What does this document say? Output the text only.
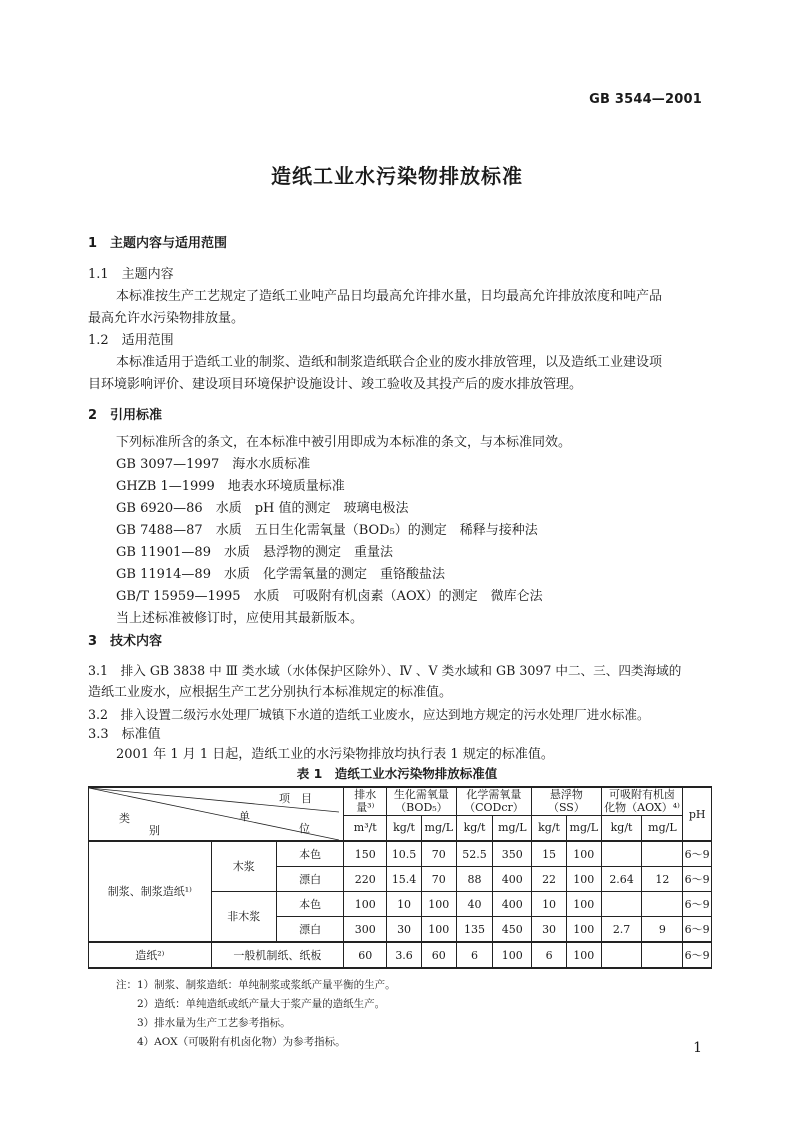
GB 3544—2001
造纸工业水污染物排放标准
1　主题内容与适用范围
1.1　主题内容
本标准按生产工艺规定了造纸工业吨产品日均最高允许排水量，日均最高允许排放浓度和吨产品
最高允许水污染物排放量。
1.2　适用范围
本标准适用于造纸工业的制浆、造纸和制浆造纸联合企业的废水排放管理，以及造纸工业建设项
目环境影响评价、建设项目环境保护设施设计、竣工验收及其投产后的废水排放管理。
2　引用标准
下列标准所含的条文，在本标准中被引用即成为本标准的条文，与本标准同效。
GB 3097—1997　海水水质标准
GHZB 1—1999　地表水环境质量标准
GB 6920—86　水质　pH 值的测定　玻璃电极法
GB 7488—87　水质　五日生化需氧量（BOD₅）的测定　稀释与接种法
GB 11901—89　水质　悬浮物的测定　重量法
GB 11914—89　水质　化学需氧量的测定　重铬酸盐法
GB/T 15959—1995　水质　可吸附有机卤素（AOX）的测定　微库仑法
当上述标准被修订时，应使用其最新版本。
3　技术内容
3.1　排入 GB 3838 中 Ⅲ 类水域（水体保护区除外）、Ⅳ 、Ⅴ 类水域和 GB 3097 中二、三、四类海域的
造纸工业废水，应根据生产工艺分别执行本标准规定的标准值。
3.2　排入设置二级污水处理厂城镇下水道的造纸工业废水，应达到地方规定的污水处理厂进水标准。
3.3　标准值
2001 年 1 月 1 日起，造纸工业的水污染物排放均执行表 1 规定的标准值。
表 1　造纸工业水污染物排放标准值
项　目
单
位
类
别			排水
量³⁾	生化需氧量
（BOD₅）		化学需氧量
（CODcr）		悬浮物
（SS）		可吸附有机卤
化物（AOX）⁴⁾		pH
			m³/t	kg/t	mg/L	kg/t	mg/L	kg/t	mg/L	kg/t	mg/L	
制浆、制浆造纸¹⁾	木浆	本色	150	10.5	70	52.5	350	15	100			6～9
		漂白	220	15.4	70	88	400	22	100	2.64	12	6～9
	非木浆	本色	100	10	100	40	400	10	100			6～9
		漂白	300	30	100	135	450	30	100	2.7	9	6～9
造纸²⁾	一般机制纸、纸板		60	3.6	60	6	100	6	100			6～9
注：1）制浆、制浆造纸：单纯制浆或浆纸产量平衡的生产。
2）造纸：单纯造纸或纸产量大于浆产量的造纸生产。
3）排水量为生产工艺参考指标。
4）AOX（可吸附有机卤化物）为参考指标。	1
